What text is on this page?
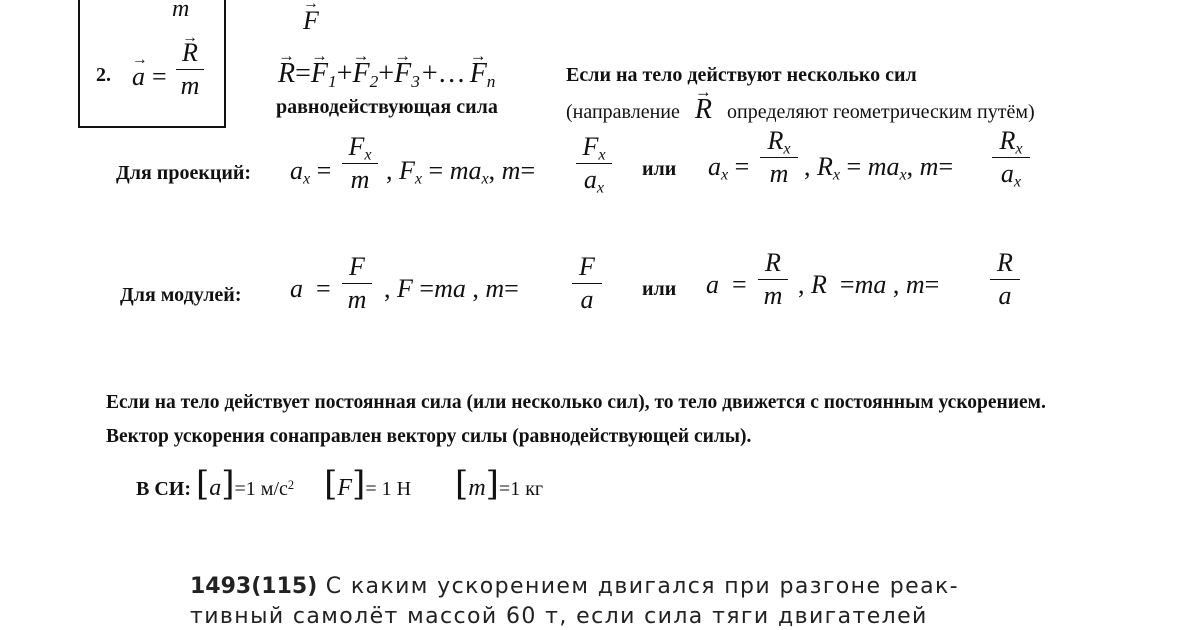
m	→ F
2. → a =
→ R
m	→ $R=\to F_1+\to F_2+\to$ $F_3+\dots \to F_n$
равнодействующая сила
Если на тело действуют несколько сил
(направление → R определяют геометрическим путём)
Для проекций: $a_x$ =
$F_x$
m , $F_x = ma_x$, m=
$F_x$
$a_x$
или $a_x$ =
$R_x$
m , $R_x = ma_x$, m=
$R_x$
$a_x$
Для модулей: a =
F
m , F =ma , m=
F
a	или a =
R
m , R =ma , m=
R
a
Если на тело действует постоянная сила (или несколько сил), то тело движется с постоянным ускорением.
Вектор ускорения сонаправлен вектору силы (равнодействующей силы).
В СИ: [a]=1 $м/с^2$ [F]= 1 Н [m]=1 кг
1493(115) С каким ускорением двигался при разгоне реак-
тивный самолёт массой 60 т, если сила тяги двигателей
